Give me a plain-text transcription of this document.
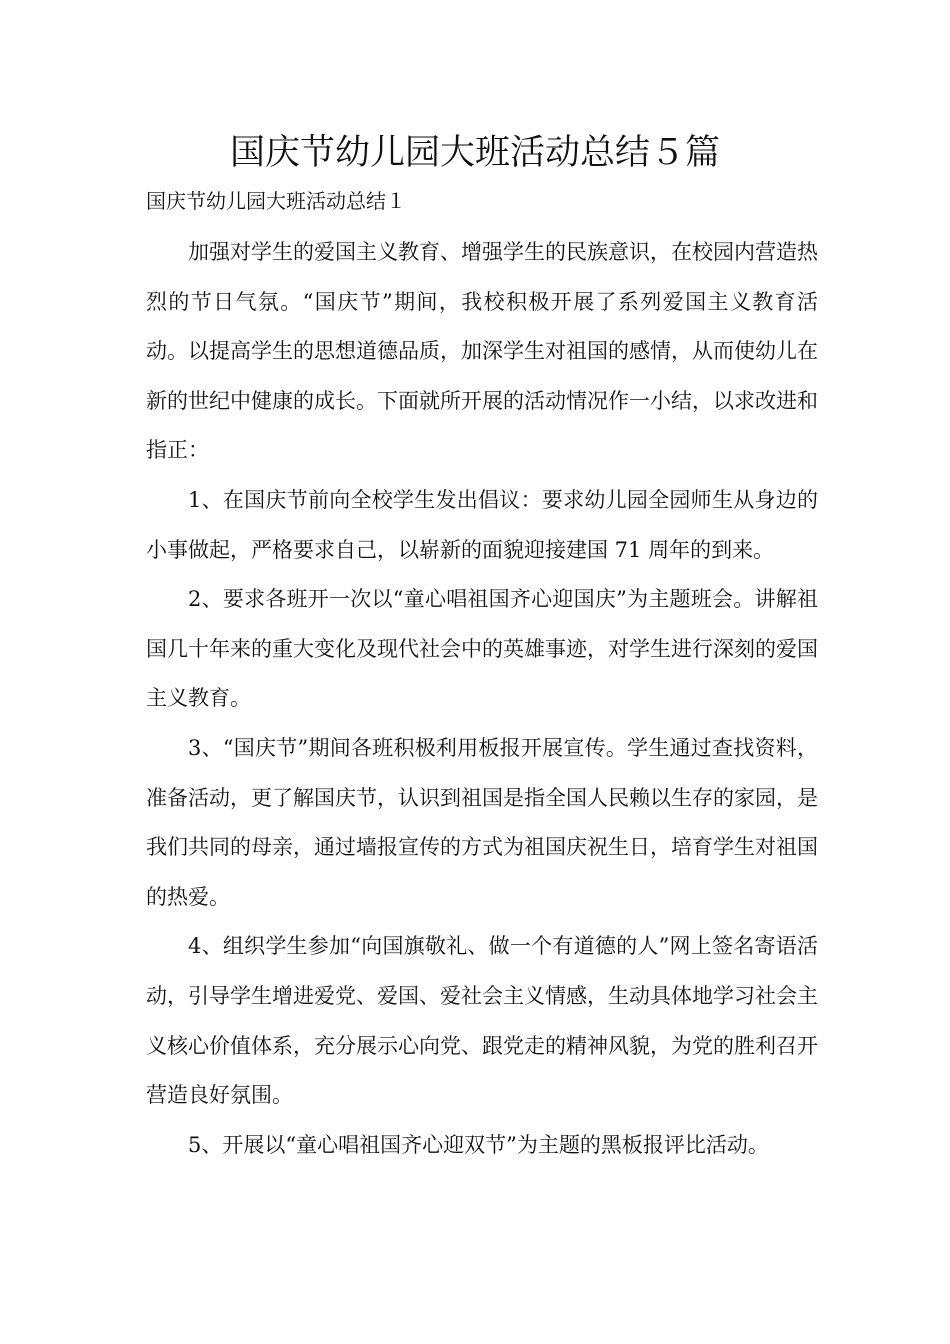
国庆节幼儿园大班活动总结５篇
国庆节幼儿园大班活动总结１

加强对学生的爱国主义教育、增强学生的民族意识，在校园内营造热烈的节日气氛。“国庆节”期间，我校积极开展了系列爱国主义教育活动。以提高学生的思想道德品质，加深学生对祖国的感情，从而使幼儿在新的世纪中健康的成长。下面就所开展的活动情况作一小结，以求改进和指正：

1、在国庆节前向全校学生发出倡议：要求幼儿园全园师生从身边的小事做起，严格要求自己，以崭新的面貌迎接建国 71 周年的到来。

2、要求各班开一次以“童心唱祖国齐心迎国庆”为主题班会。讲解祖国几十年来的重大变化及现代社会中的英雄事迹，对学生进行深刻的爱国主义教育。

3、“国庆节”期间各班积极利用板报开展宣传。学生通过查找资料，准备活动，更了解国庆节，认识到祖国是指全国人民赖以生存的家园，是我们共同的母亲，通过墙报宣传的方式为祖国庆祝生日，培育学生对祖国的热爱。

4、组织学生参加“向国旗敬礼、做一个有道德的人”网上签名寄语活动，引导学生增进爱党、爱国、爱社会主义情感，生动具体地学习社会主义核心价值体系，充分展示心向党、跟党走的精神风貌，为党的胜利召开营造良好氛围。

5、开展以“童心唱祖国齐心迎双节”为主题的黑板报评比活动。
